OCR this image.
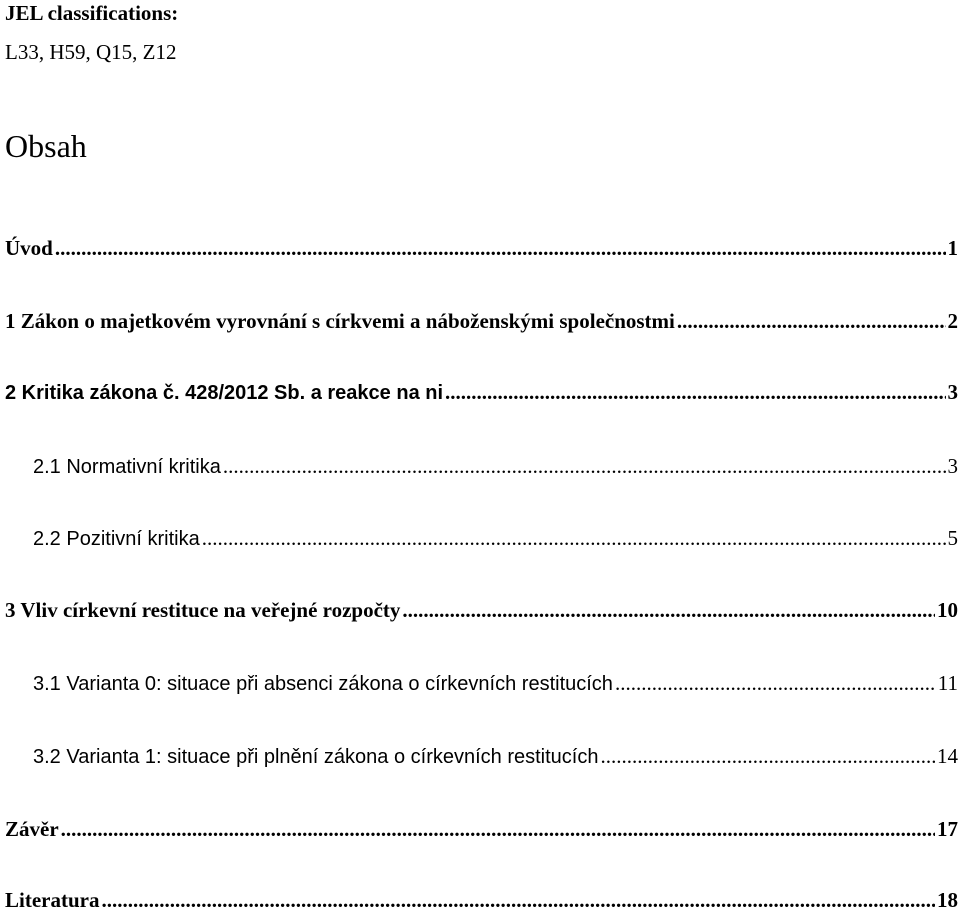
JEL classifications:
L33, H59, Q15, Z12
Obsah
Úvod .....	1
1 Zákon o majetkovém vyrovnání s církvemi a náboženskými společnostmi .....	2
2 Kritika zákona č. 428/2012 Sb. a reakce na ni .....	3
2.1 Normativní kritika .....	3
2.2 Pozitivní kritika .....	5
3 Vliv církevní restituce na veřejné rozpočty .....	10
3.1 Varianta 0: situace při absenci zákona o církevních restitucích .....	11
3.2 Varianta 1: situace při plnění zákona o církevních restitucích .....	14
Závěr .....	17
Literatura .....	18
